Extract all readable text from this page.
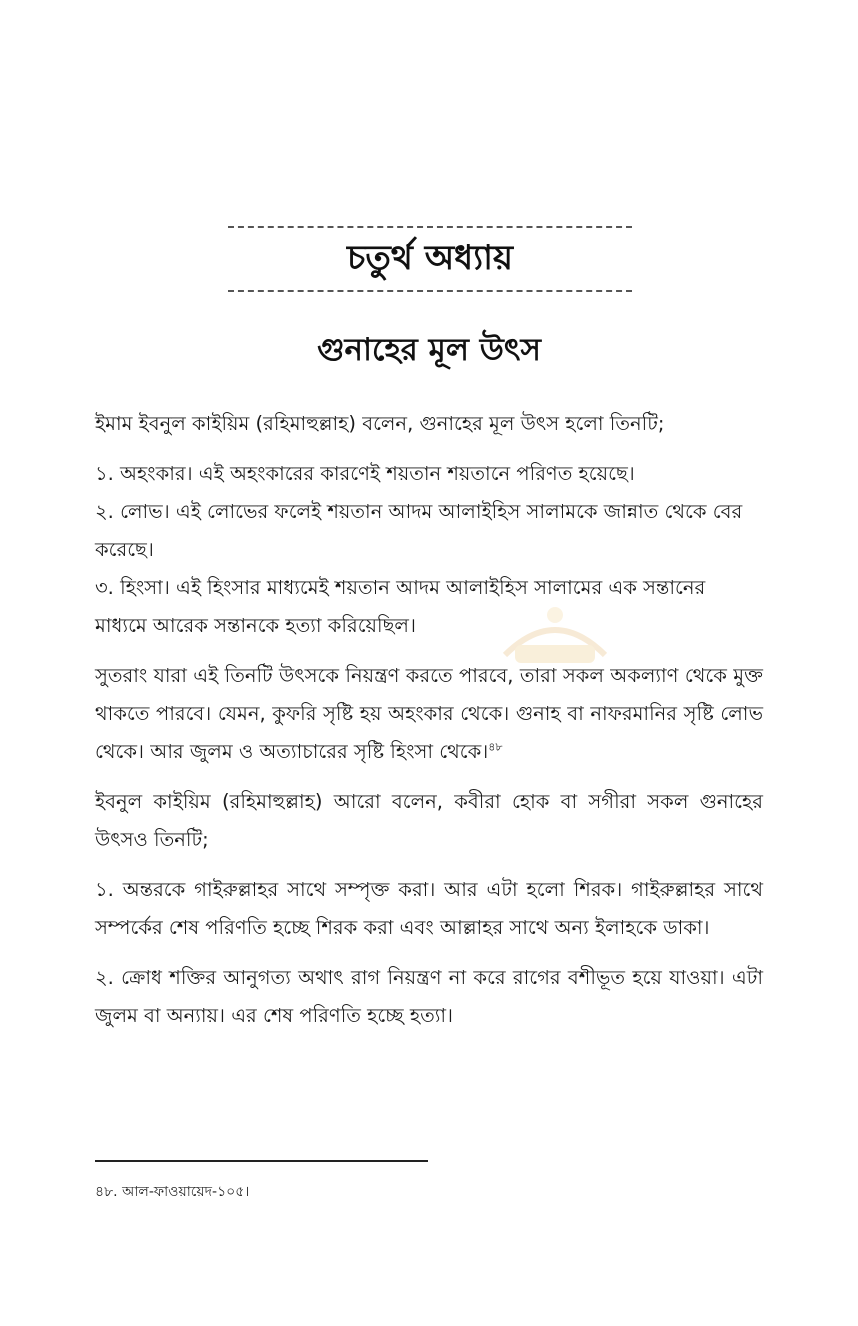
চতুর্থ অধ্যায়
গুনাহের মূল উৎস

ইমাম ইবনুল কাইয়িম (রহিমাহুল্লাহ) বলেন, গুনাহের মূল উৎস হলো তিনটি;

১. অহংকার। এই অহংকারের কারণেই শয়তান শয়তানে পরিণত হয়েছে।
২. লোভ। এই লোভের ফলেই শয়তান আদম আলাইহিস সালামকে জান্নাত থেকে বের করেছে।
৩. হিংসা। এই হিংসার মাধ্যমেই শয়তান আদম আলাইহিস সালামের এক সন্তানের মাধ্যমে আরেক সন্তানকে হত্যা করিয়েছিল।

সুতরাং যারা এই তিনটি উৎসকে নিয়ন্ত্রণ করতে পারবে, তারা সকল অকল্যাণ থেকে মুক্ত থাকতে পারবে। যেমন, কুফরি সৃষ্টি হয় অহংকার থেকে। গুনাহ বা নাফরমানির সৃষ্টি লোভ থেকে। আর জুলম ও অত্যাচারের সৃষ্টি হিংসা থেকে।$^{৪৮}$

ইবনুল কাইয়িম (রহিমাহুল্লাহ) আরো বলেন, কবীরা হোক বা সগীরা সকল গুনাহের উৎসও তিনটি;

১. অন্তরকে গাইরুল্লাহর সাথে সম্পৃক্ত করা। আর এটা হলো শিরক। গাইরুল্লাহর সাথে সম্পর্কের শেষ পরিণতি হচ্ছে শিরক করা এবং আল্লাহর সাথে অন্য ইলাহকে ডাকা।

২. ক্রোধ শক্তির আনুগত্য অথাৎ রাগ নিয়ন্ত্রণ না করে রাগের বশীভূত হয়ে যাওয়া। এটা জুলম বা অন্যায়। এর শেষ পরিণতি হচ্ছে হত্যা।

৪৮. আল-ফাওয়ায়েদ-১০৫।
